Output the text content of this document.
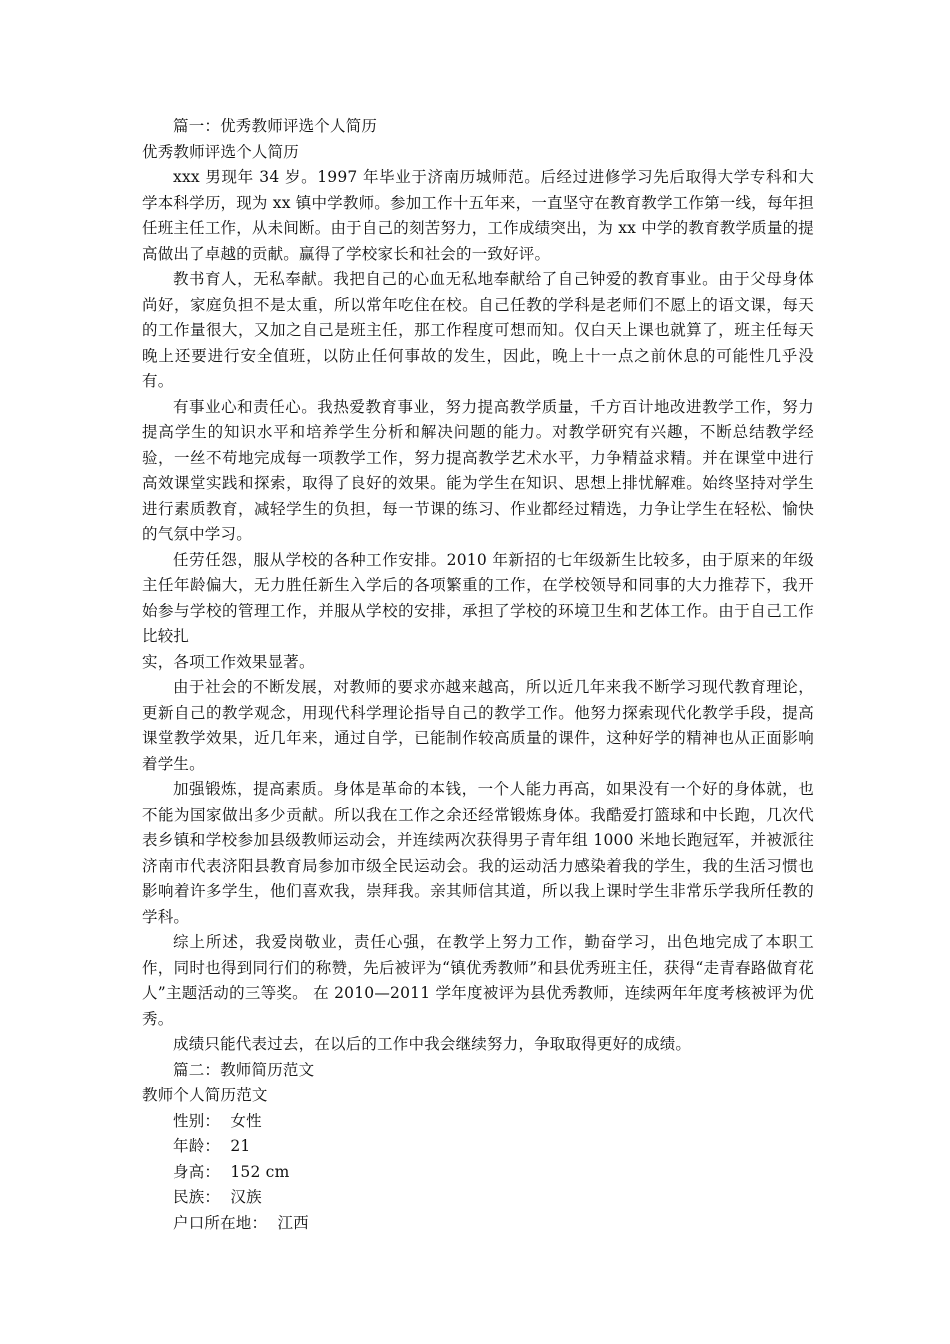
篇一：优秀教师评选个人简历

优秀教师评选个人简历

xxx 男现年 34 岁。1997 年毕业于济南历城师范。后经过进修学习先后取得大学专科和大学本科学历，现为 xx 镇中学教师。参加工作十五年来，一直坚守在教育教学工作第一线，每年担任班主任工作，从未间断。由于自己的刻苦努力，工作成绩突出，为 xx 中学的教育教学质量的提高做出了卓越的贡献。赢得了学校家长和社会的一致好评。

教书育人，无私奉献。我把自己的心血无私地奉献给了自己钟爱的教育事业。由于父母身体尚好，家庭负担不是太重，所以常年吃住在校。自己任教的学科是老师们不愿上的语文课，每天的工作量很大，又加之自己是班主任，那工作程度可想而知。仅白天上课也就算了，班主任每天晚上还要进行安全值班，以防止任何事故的发生，因此，晚上十一点之前休息的可能性几乎没有。

有事业心和责任心。我热爱教育事业，努力提高教学质量，千方百计地改进教学工作，努力提高学生的知识水平和培养学生分析和解决问题的能力。对教学研究有兴趣，不断总结教学经验，一丝不苟地完成每一项教学工作，努力提高教学艺术水平，力争精益求精。并在课堂中进行高效课堂实践和探索，取得了良好的效果。能为学生在知识、思想上排忧解难。始终坚持对学生进行素质教育，减轻学生的负担，每一节课的练习、作业都经过精选，力争让学生在轻松、愉快的气氛中学习。

任劳任怨，服从学校的各种工作安排。2010 年新招的七年级新生比较多，由于原来的年级主任年龄偏大，无力胜任新生入学后的各项繁重的工作，在学校领导和同事的大力推荐下，我开始参与学校的管理工作，并服从学校的安排，承担了学校的环境卫生和艺体工作。由于自己工作比较扎

实，各项工作效果显著。

由于社会的不断发展，对教师的要求亦越来越高，所以近几年来我不断学习现代教育理论，更新自己的教学观念，用现代科学理论指导自己的教学工作。他努力探索现代化教学手段，提高课堂教学效果，近几年来，通过自学，已能制作较高质量的课件，这种好学的精神也从正面影响着学生。

加强锻炼，提高素质。身体是革命的本钱，一个人能力再高，如果没有一个好的身体就，也不能为国家做出多少贡献。所以我在工作之余还经常锻炼身体。我酷爱打篮球和中长跑，几次代表乡镇和学校参加县级教师运动会，并连续两次获得男子青年组 1000 米地长跑冠军，并被派往济南市代表济阳县教育局参加市级全民运动会。我的运动活力感染着我的学生，我的生活习惯也影响着许多学生，他们喜欢我，崇拜我。亲其师信其道，所以我上课时学生非常乐学我所任教的学科。

综上所述，我爱岗敬业，责任心强，在教学上努力工作，勤奋学习，出色地完成了本职工作，同时也得到同行们的称赞，先后被评为“镇优秀教师”和县优秀班主任，获得“走青春路做育花人”主题活动的三等奖。 在 2010—2011 学年度被评为县优秀教师，连续两年年度考核被评为优秀。

成绩只能代表过去，在以后的工作中我会继续努力，争取取得更好的成绩。

篇二：教师简历范文

教师个人简历范文

性别： 女性

年龄： 21

身高： 152 cm

民族： 汉族

户口所在地： 江西
